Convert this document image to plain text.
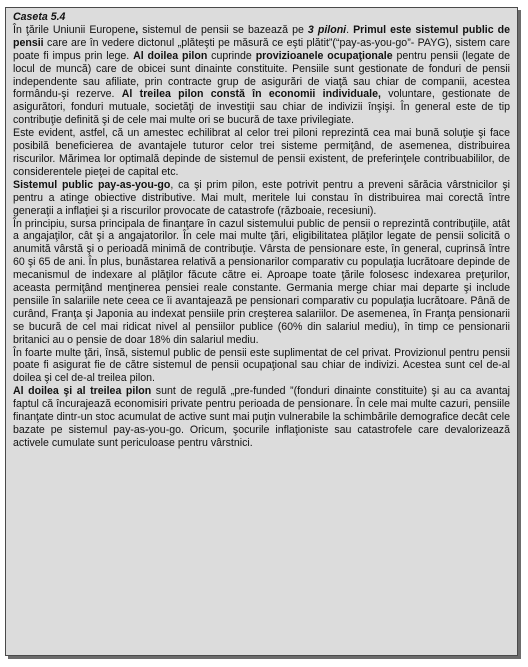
Caseta 5.4

În ţările Uniunii Europene, sistemul de pensii se bazează pe 3 piloni. Primul este sistemul public de pensii care are în vedere dictonul „plăteşti pe măsură ce eşti plătit”(“pay-as-you-go”- PAYG), sistem care poate fi impus prin lege. Al doilea pilon cuprinde provizioanele ocupaţionale pentru pensii (legate de locul de muncă) care de obicei sunt dinainte constituite. Pensiile sunt gestionate de fonduri de pensii independente sau afiliate, prin contracte grup de asigurări de viaţă sau chiar de companii, acestea formându-şi rezerve. Al treilea pilon constă în economii individuale, voluntare, gestionate de asigurători, fonduri mutuale, societăţi de investiţii sau chiar de indivizii înşişi. În general este de tip contribuţie definită şi de cele mai multe ori se bucură de taxe privilegiate.

Este evident, astfel, că un amestec echilibrat al celor trei piloni reprezintă cea mai bună soluţie şi face posibilă beneficierea de avantajele tuturor celor trei sisteme permiţând, de asemenea, distribuirea riscurilor. Mărimea lor optimală depinde de sistemul de pensii existent, de preferinţele contribuabililor, de considerentele pieţei de capital etc.

Sistemul public pay-as-you-go, ca şi prim pilon, este potrivit pentru a preveni sărăcia vârstnicilor şi pentru a atinge obiective distributive. Mai mult, meritele lui constau în distribuirea mai corectă între generaţii a inflaţiei şi a riscurilor provocate de catastrofe (războaie, recesiuni).

În principiu, sursa principala de finanţare în cazul sistemului public de pensii o reprezintă contribuţiile, atât a angajaţilor, cât şi a angajatorilor. În cele mai multe ţări, eligibilitatea plăţilor legate de pensii solicită o anumită vârstă şi o perioadă minimă de contribuţie. Vârsta de pensionare este, în general, cuprinsă între 60 şi 65 de ani. În plus, bunăstarea relativă a pensionarilor comparativ cu populaţia lucrătoare depinde de mecanismul de indexare al plăţilor făcute către ei. Aproape toate ţările folosesc indexarea preţurilor, aceasta permiţând menţinerea pensiei reale constante. Germania merge chiar mai departe şi include pensiile în salariile nete ceea ce îi avantajează pe pensionari comparativ cu populaţia lucrătoare. Până de curând, Franţa şi Japonia au indexat pensiile prin creşterea salariilor. De asemenea, în Franţa pensionarii se bucură de cel mai ridicat nivel al pensiilor publice (60% din salariul mediu), în timp ce pensionarii britanici au o pensie de doar 18% din salariul mediu.

În foarte multe ţări, însă, sistemul public de pensii este suplimentat de cel privat. Provizionul pentru pensii poate fi asigurat fie de către sistemul de pensii ocupaţional sau chiar de indivizi. Acestea sunt cel de-al doilea şi cel de-al treilea pilon.

Al doilea şi al treilea pilon sunt de regulă „pre-funded ”(fonduri dinainte constituite) şi au ca avantaj faptul că încurajează economisiri private pentru perioada de pensionare. În cele mai multe cazuri, pensiile finanţate dintr-un stoc acumulat de active sunt mai puţin vulnerabile la schimbările demografice decât cele bazate pe sistemul pay-as-you-go. Oricum, şocurile inflaţioniste sau catastrofele care devalorizează activele cumulate sunt periculoase pentru vârstnici.
